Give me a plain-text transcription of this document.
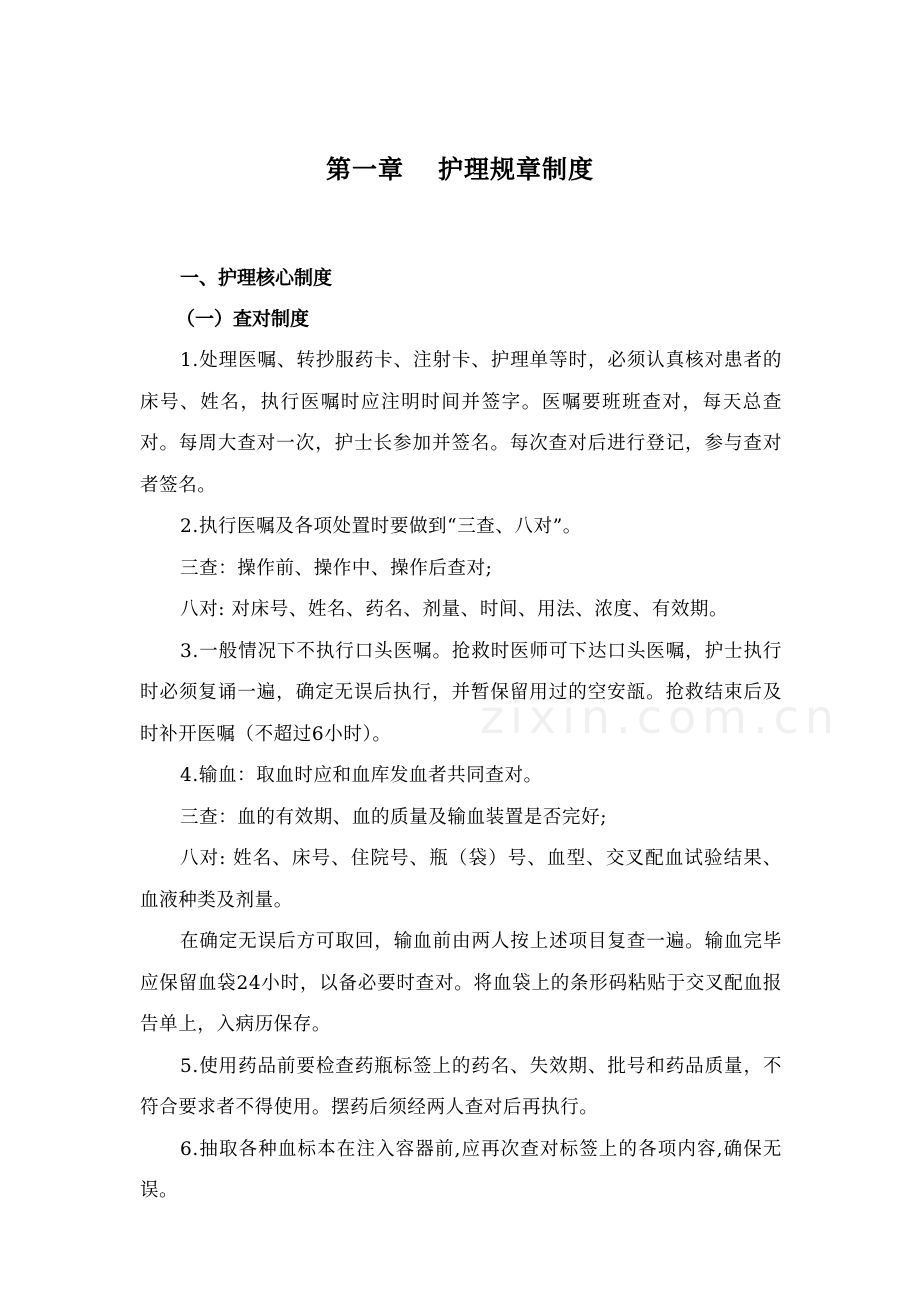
zixin.com.cn
第一章 护理规章制度
一、护理核心制度
（一）查对制度

1.处理医嘱、转抄服药卡、注射卡、护理单等时，必须认真核对患者的床号、姓名，执行医嘱时应注明时间并签字。医嘱要班班查对，每天总查对。每周大查对一次，护士长参加并签名。每次查对后进行登记，参与查对者签名。

2.执行医嘱及各项处置时要做到“三查、八对”。

三查：操作前、操作中、操作后查对;

八对: 对床号、姓名、药名、剂量、时间、用法、浓度、有效期。

3.一般情况下不执行口头医嘱。抢救时医师可下达口头医嘱，护士执行时必须复诵一遍，确定无误后执行，并暂保留用过的空安瓿。抢救结束后及时补开医嘱（不超过6小时）。

4.输血：取血时应和血库发血者共同查对。

三查：血的有效期、血的质量及输血装置是否完好;

八对: 姓名、床号、住院号、瓶（袋）号、血型、交叉配血试验结果、血液种类及剂量。

在确定无误后方可取回，输血前由两人按上述项目复查一遍。输血完毕应保留血袋24小时，以备必要时查对。将血袋上的条形码粘贴于交叉配血报告单上，入病历保存。

5.使用药品前要检查药瓶标签上的药名、失效期、批号和药品质量，不符合要求者不得使用。摆药后须经两人查对后再执行。

6.抽取各种血标本在注入容器前,应再次查对标签上的各项内容,确保无误。
